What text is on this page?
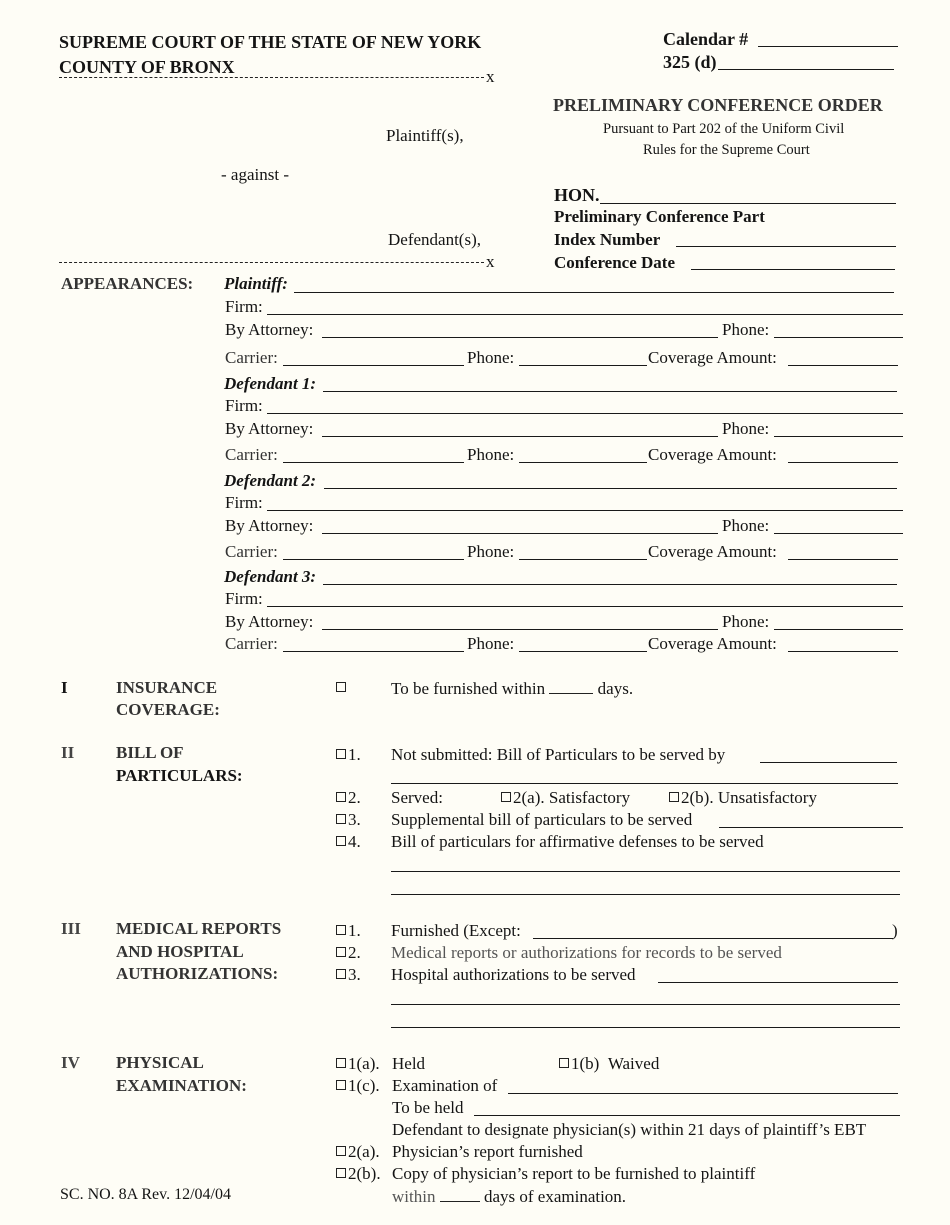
SUPREME COURT OF THE STATE OF NEW YORK
COUNTY OF BRONX	x
Calendar #
325 (d)
PRELIMINARY CONFERENCE ORDER
Pursuant to Part 202 of the Uniform Civil
Rules for the Supreme Court
Plaintiff(s),
- against -
Defendant(s),
HON.
Preliminary Conference Part
Index Number
Conference Date
x
APPEARANCES: Plaintiff:
Firm:
By Attorney:	Phone:
Carrier:	Phone:	Coverage Amount:
Defendant 1:
Firm:
By Attorney:	Phone:
Carrier:	Phone:	Coverage Amount:
Defendant 2:
Firm:
By Attorney:	Phone:
Carrier:	Phone:	Coverage Amount:
Defendant 3:
Firm:
By Attorney:	Phone:
Carrier:	Phone:	Coverage Amount:
I	INSURANCE
COVERAGE:
To be furnished within	days.
II BILL OF
PARTICULARS:
1. Not submitted: Bill of Particulars to be served by
2. Served:	2(a). Satisfactory	2(b). Unsatisfactory
3. Supplemental bill of particulars to be served
4. Bill of particulars for affirmative defenses to be served
III MEDICAL REPORTS
AND HOSPITAL
AUTHORIZATIONS:
1. Furnished (Except:	)
2. Medical reports or authorizations for records to be served
3. Hospital authorizations to be served
IV PHYSICAL
EXAMINATION:
1(a). Held	1(b) Waived
1(c). Examination of
To be held
Defendant to designate physician(s) within 21 days of plaintiff’s EBT
2(a). Physician’s report furnished
2(b). Copy of physician’s report to be furnished to plaintiff
within	days of examination.
SC. NO. 8A Rev. 12/04/04
